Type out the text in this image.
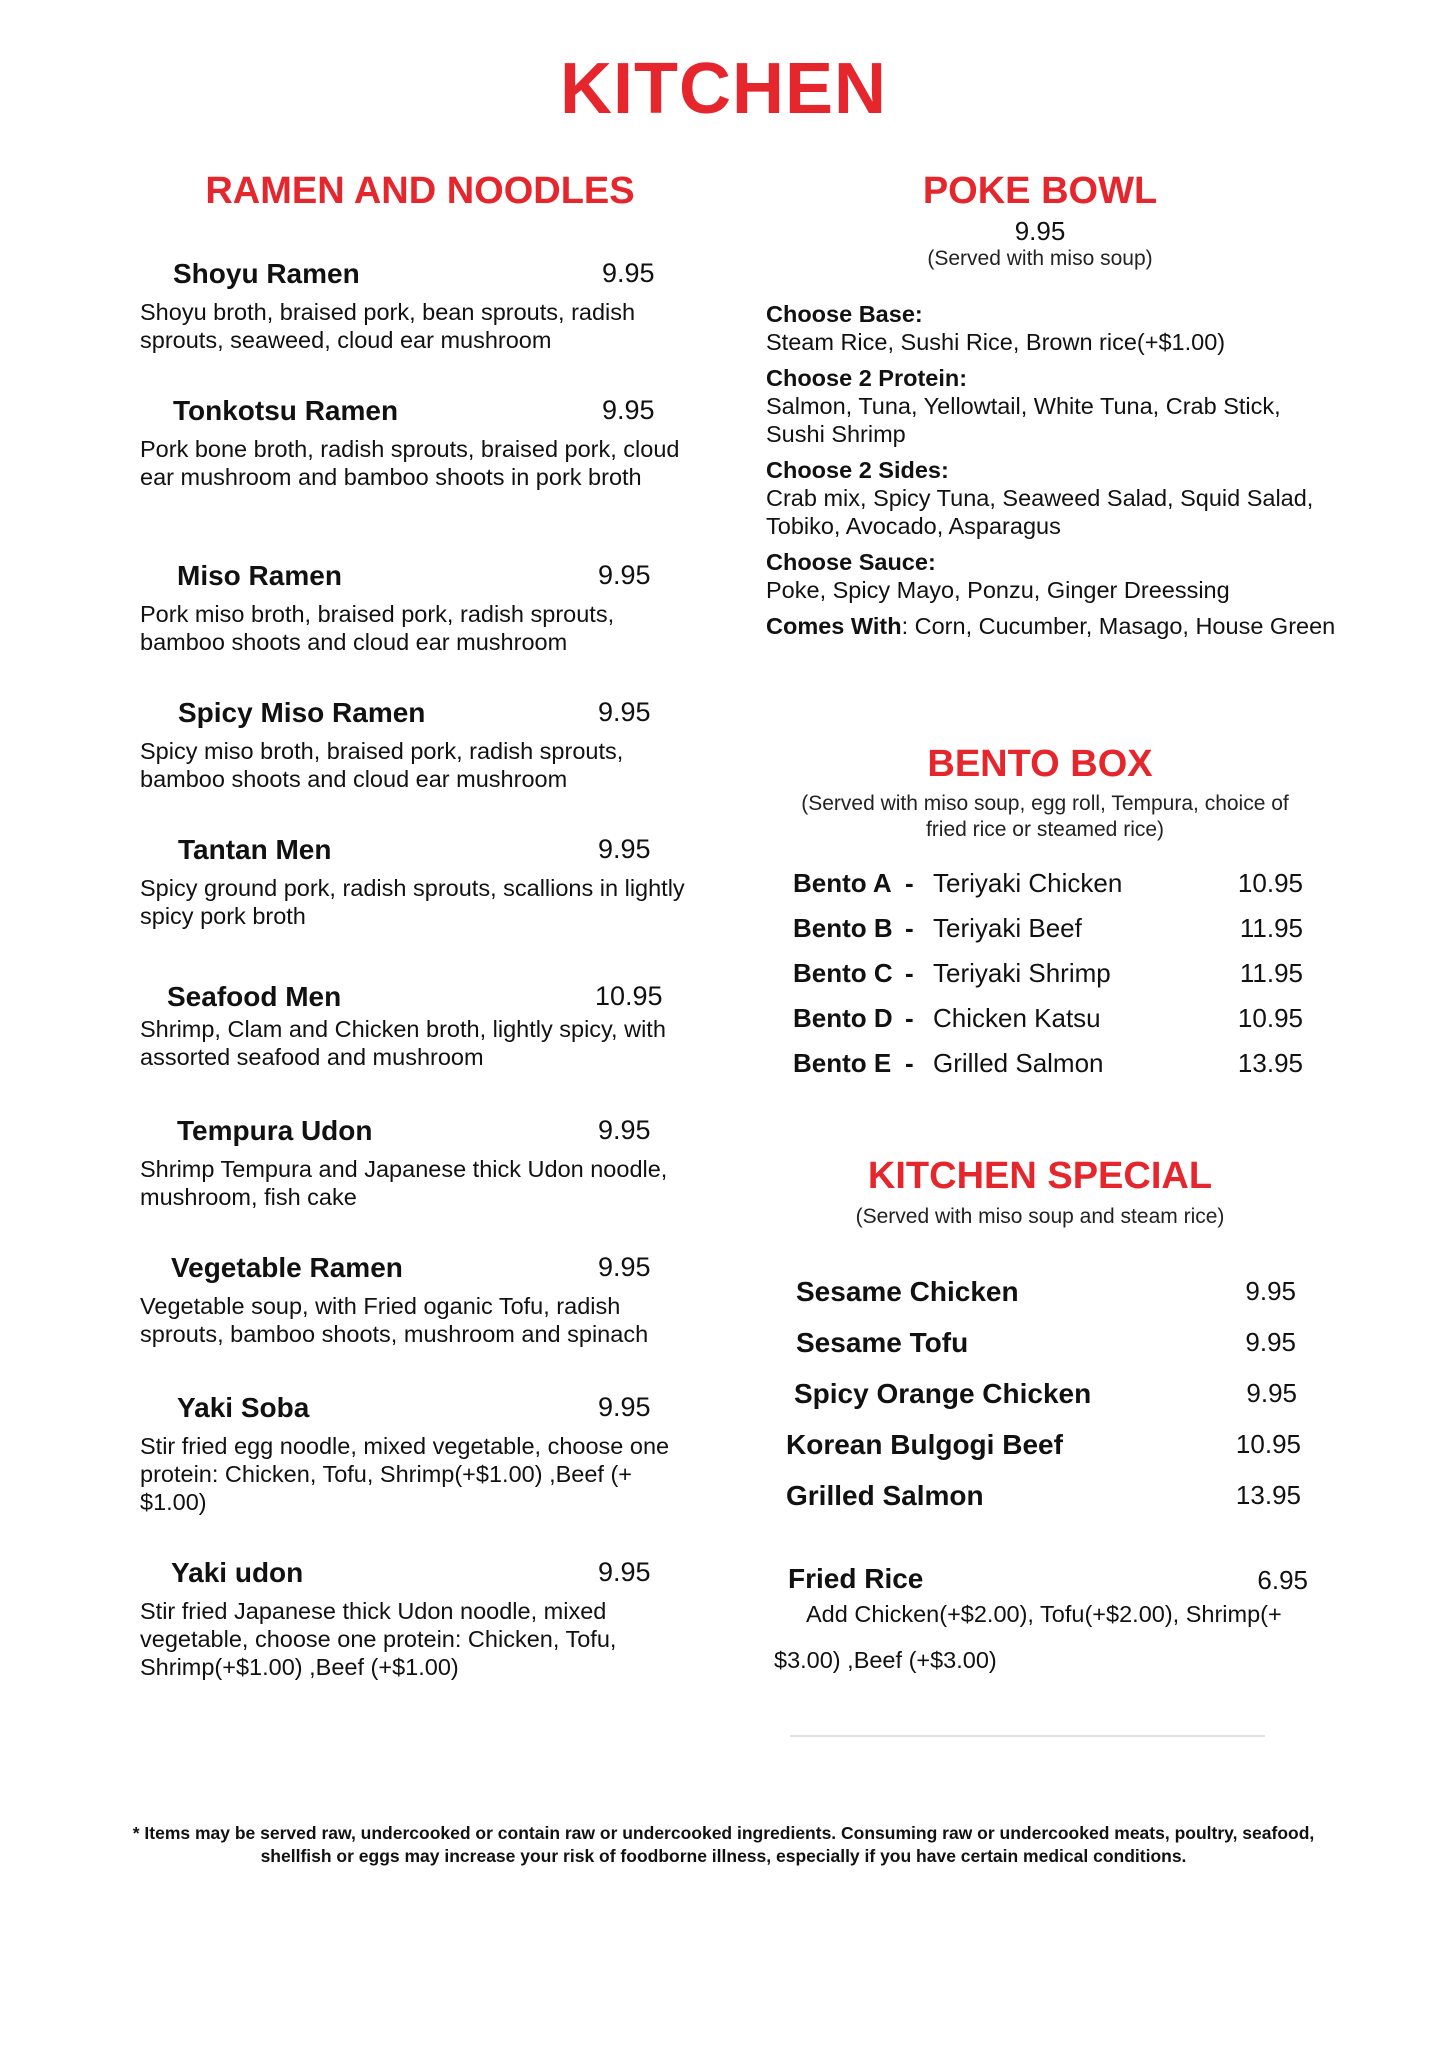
KITCHEN
RAMEN AND NOODLES
Shoyu Ramen	9.95
Shoyu broth, braised pork, bean sprouts, radish sprouts, seaweed, cloud ear mushroom
Tonkotsu Ramen	9.95
Pork bone broth, radish sprouts, braised pork, cloud ear mushroom and bamboo shoots in pork broth
Miso Ramen	9.95
Pork miso broth, braised pork, radish sprouts, bamboo shoots and cloud ear mushroom
Spicy Miso Ramen	9.95
Spicy miso broth, braised pork, radish sprouts, bamboo shoots and cloud ear mushroom
Tantan Men	9.95
Spicy ground pork, radish sprouts, scallions in lightly spicy pork broth
Seafood Men	10.95
Shrimp, Clam and Chicken broth, lightly spicy, with assorted seafood and mushroom
Tempura Udon	9.95
Shrimp Tempura and Japanese thick Udon noodle, mushroom, fish cake
Vegetable Ramen	9.95
Vegetable soup, with Fried oganic Tofu, radish sprouts, bamboo shoots, mushroom and spinach
Yaki Soba	9.95
Stir fried egg noodle, mixed vegetable, choose one protein: Chicken, Tofu, Shrimp(+$1.00) ,Beef (+ $1.00)
Yaki udon	9.95
Stir fried Japanese thick Udon noodle, mixed vegetable, choose one protein: Chicken, Tofu, Shrimp(+$1.00) ,Beef (+$1.00)
POKE BOWL
9.95
(Served with miso soup)
Choose Base:
Steam Rice, Sushi Rice, Brown rice(+$1.00)
Choose 2 Protein:
Salmon, Tuna, Yellowtail, White Tuna, Crab Stick, Sushi Shrimp
Choose 2 Sides:
Crab mix, Spicy Tuna, Seaweed Salad, Squid Salad, Tobiko, Avocado, Asparagus
Choose Sauce:
Poke, Spicy Mayo, Ponzu, Ginger Dreessing
Comes With: Corn, Cucumber, Masago, House Green
BENTO BOX
(Served with miso soup, egg roll, Tempura, choice of fried rice or steamed rice)
Bento A - Teriyaki Chicken	10.95
Bento B - Teriyaki Beef	11.95
Bento C - Teriyaki Shrimp	11.95
Bento D - Chicken Katsu	10.95
Bento E - Grilled Salmon	13.95
KITCHEN SPECIAL
(Served with miso soup and steam rice)
Sesame Chicken	9.95
Sesame Tofu	9.95
Spicy Orange Chicken	9.95
Korean Bulgogi Beef	10.95
Grilled Salmon	13.95
Fried Rice	6.95
Add Chicken(+$2.00), Tofu(+$2.00), Shrimp(+
$3.00) ,Beef (+$3.00)
* Items may be served raw, undercooked or contain raw or undercooked ingredients. Consuming raw or undercooked meats, poultry, seafood, shellfish or eggs may increase your risk of foodborne illness, especially if you have certain medical conditions.
